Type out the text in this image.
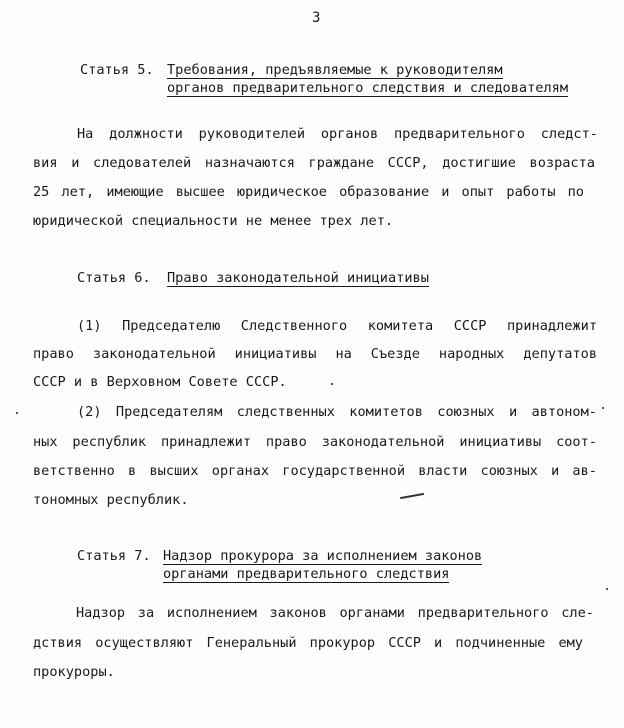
3
Статья 5. Требования, предъявляемые к руководителям
органов предварительного следствия и следователям
На должности руководителей органов предварительного следст-
вия и следователей назначаются граждане СССР, достигшие возраста
25 лет, имеющие высшее юридическое образование и опыт работы по
юридической специальности не менее трех лет.
Статья 6. Право законодательной инициативы
(1) Председателю Следственного комитета СССР принадлежит
право законодательной инициативы на Съезде народных депутатов
СССР и в Верховном Совете СССР.
(2) Председателям следственных комитетов союзных и автоном-
ных республик принадлежит право законодательной инициативы соот-
ветственно в высших органах государственной власти союзных и ав-
тономных республик.
Статья 7. Надзор прокурора за исполнением законов
органами предварительного следствия
Надзор за исполнением законов органами предварительного сле-
дствия осуществляют Генеральный прокурор СССР и подчиненные ему
прокуроры.
